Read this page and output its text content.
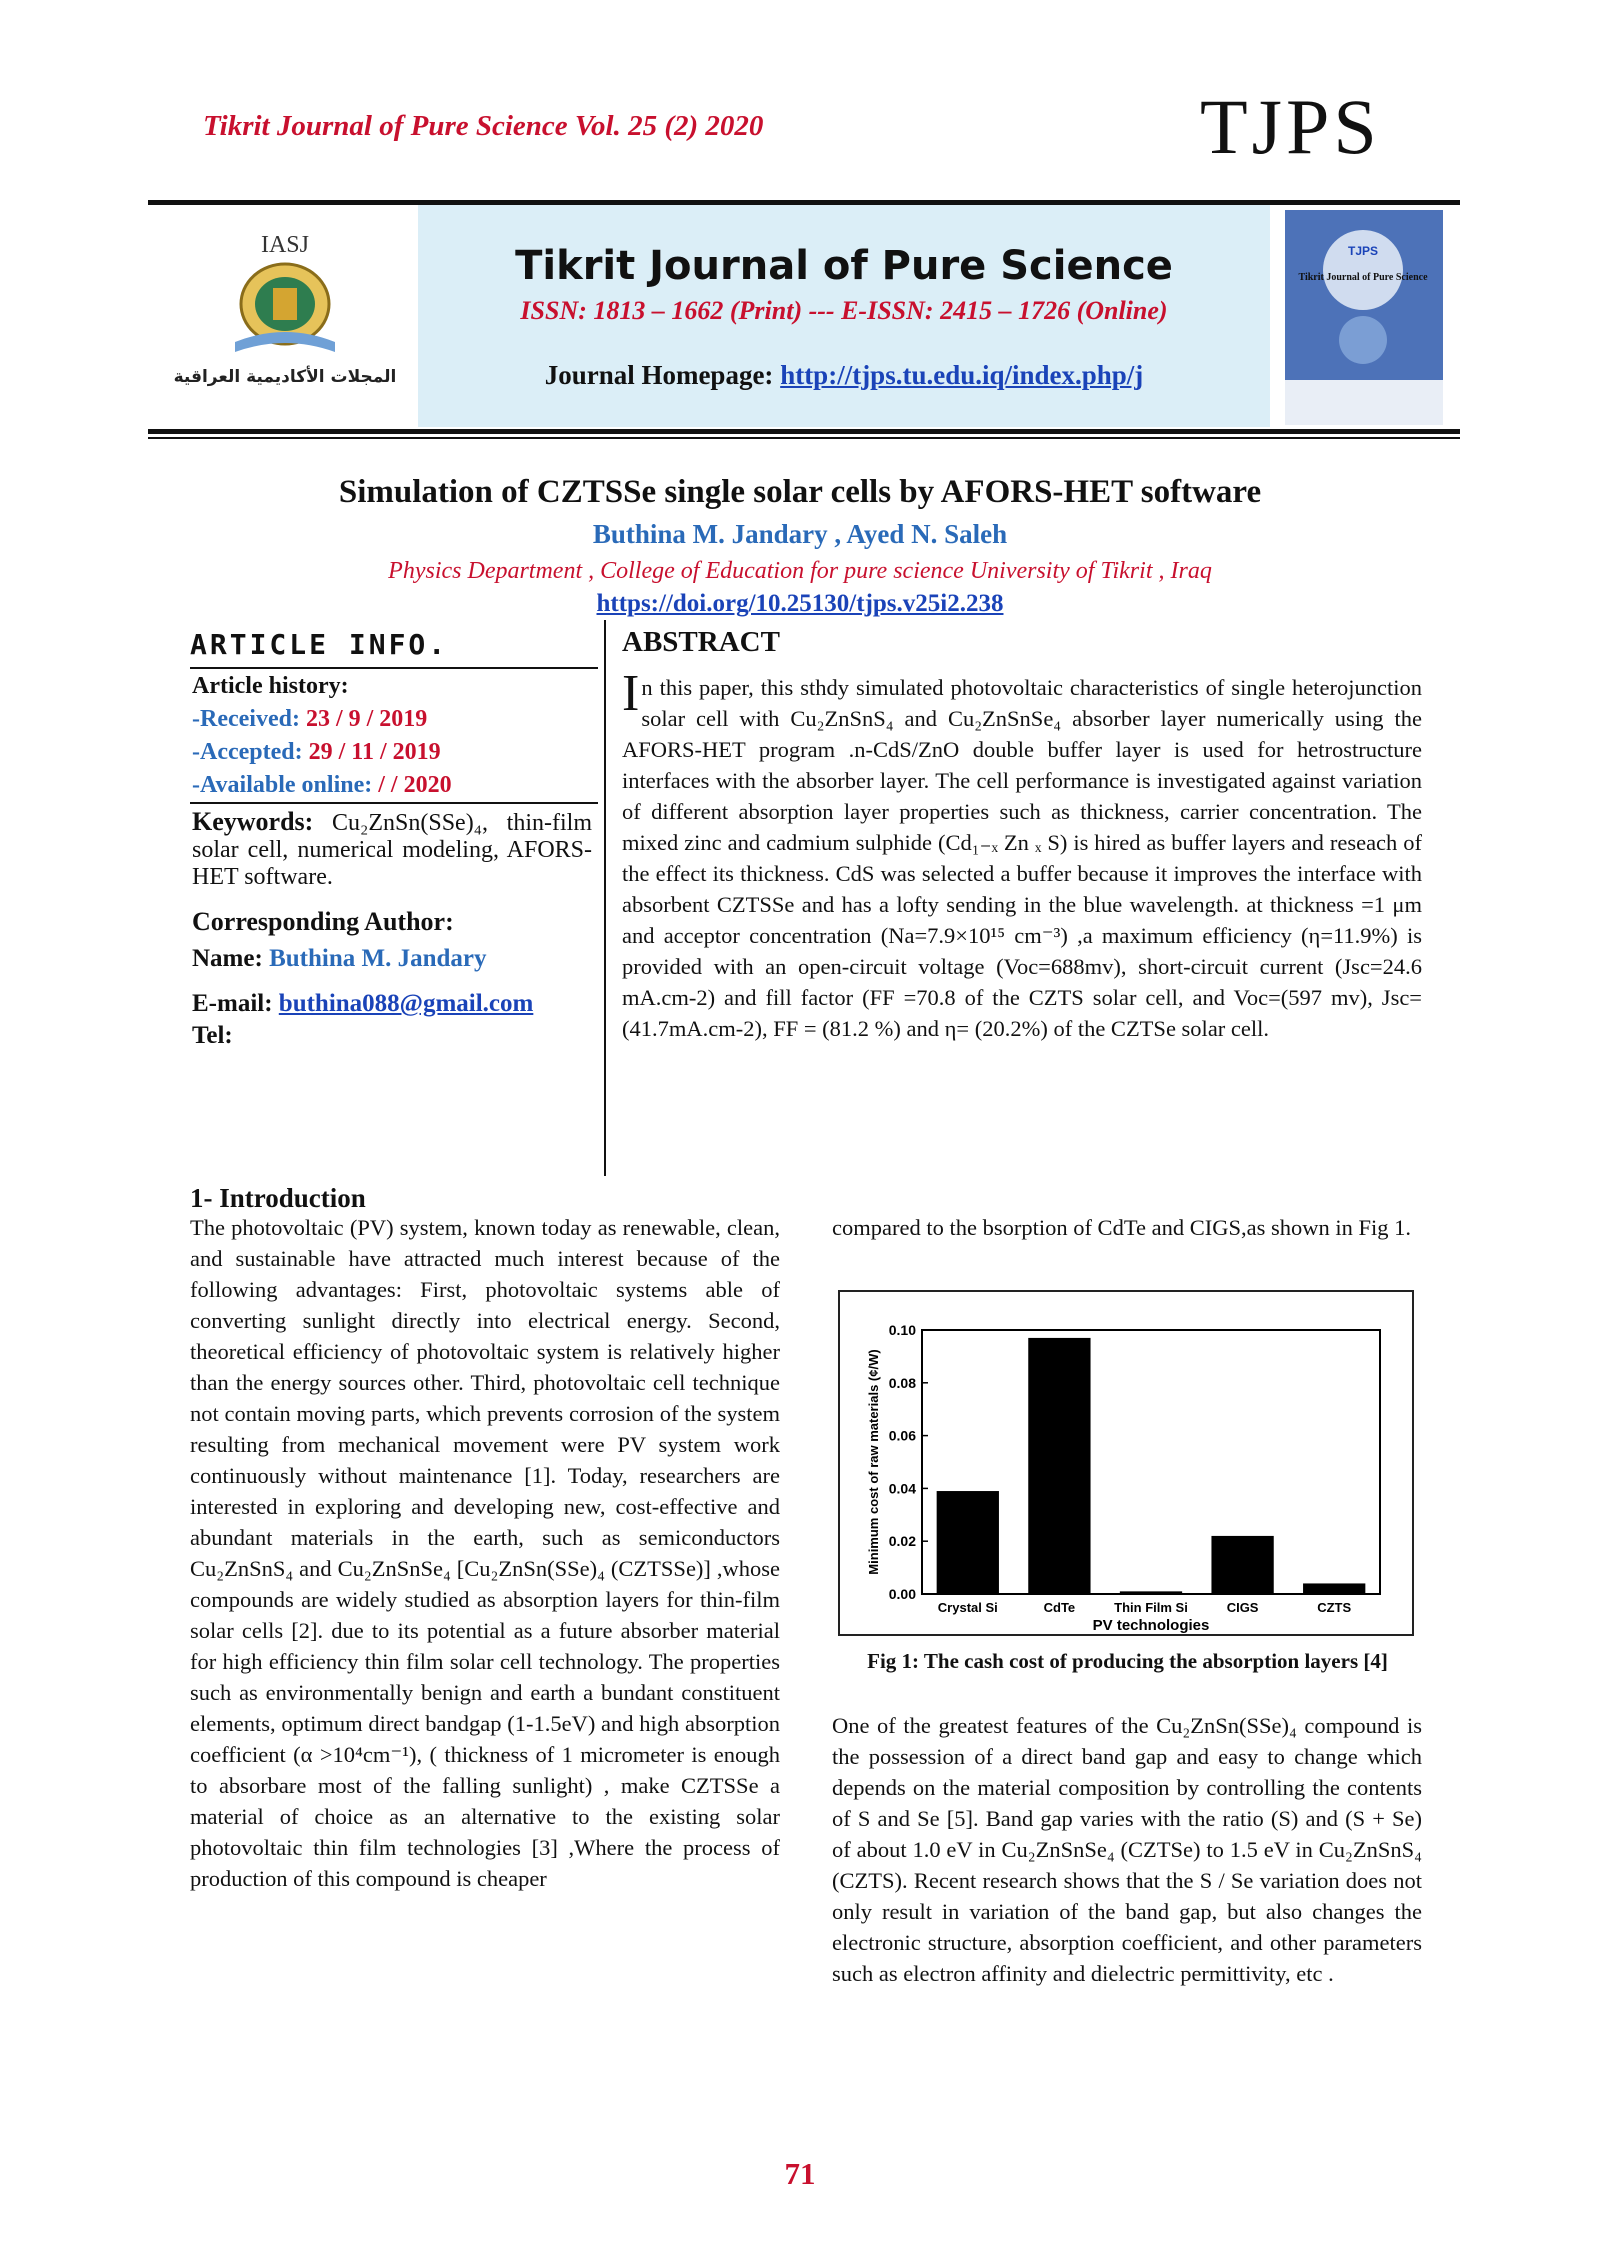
Tikrit Journal of Pure Science Vol. 25 (2) 2020	TJPS
IASJ
المجلات الأكاديمية العراقية
Tikrit Journal of Pure Science
ISSN: 1813 – 1662 (Print) --- E-ISSN: 2415 – 1726 (Online)
Journal Homepage: http://tjps.tu.edu.iq/index.php/j
TJPS
Tikrit Journal of Pure Science
Simulation of CZTSSe single solar cells by AFORS-HET software
Buthina M. Jandary , Ayed N. Saleh
Physics Department , College of Education for pure science University of Tikrit , Iraq
https://doi.org/10.25130/tjps.v25i2.238
ARTICLE INFO.
Article history:
-Received: 23 / 9 / 2019
-Accepted: 29 / 11 / 2019
-Available online: / / 2020
Keywords: Cu₂ZnSn(SSe)₄, thin-film solar cell, numerical modeling, AFORS-HET software.
Corresponding Author:
Name: Buthina M. Jandary
E-mail: buthina088@gmail.com
Tel:
ABSTRACT
In this paper, this sthdy simulated photovoltaic characteristics of single heterojunction solar cell with Cu₂ZnSnS₄ and Cu₂ZnSnSe₄ absorber layer numerically using the AFORS-HET program .n-CdS/ZnO double buffer layer is used for hetrostructure interfaces with the absorber layer. The cell performance is investigated against variation of different absorption layer properties such as thickness, carrier concentration. The mixed zinc and cadmium sulphide (Cd₁₋ₓ Zn ₓ S) is hired as buffer layers and reseach of the effect its thickness. CdS was selected a buffer because it improves the interface with absorbent CZTSSe and has a lofty sending in the blue wavelength. at thickness =1 μm and acceptor concentration (Na=7.9×10¹⁵ cm⁻³) ,a maximum efficiency (η=11.9%) is provided with an open-circuit voltage (Voc=688mv), short-circuit current (Jsc=24.6 mA.cm-2) and fill factor (FF =70.8 of the CZTS solar cell, and Voc=(597 mv), Jsc= (41.7mA.cm-2), FF = (81.2 %) and η= (20.2%) of the CZTSe solar cell.
1- Introduction
The photovoltaic (PV) system, known today as renewable, clean, and sustainable have attracted much interest because of the following advantages: First, photovoltaic systems able of converting sunlight directly into electrical energy. Second, theoretical efficiency of photovoltaic system is relatively higher than the energy sources other. Third, photovoltaic cell technique not contain moving parts, which prevents corrosion of the system resulting from mechanical movement were PV system work continuously without maintenance [1]. Today, researchers are interested in exploring and developing new, cost-effective and abundant materials in the earth, such as semiconductors Cu₂ZnSnS₄ and Cu₂ZnSnSe₄ [Cu₂ZnSn(SSe)₄ (CZTSSe)] ,whose compounds are widely studied as absorption layers for thin-film solar cells [2]. due to its potential as a future absorber material for high efficiency thin film solar cell technology. The properties such as environmentally benign and earth a bundant constituent elements, optimum direct bandgap (1-1.5eV) and high absorption coefficient (α >10⁴cm⁻¹), ( thickness of 1 micrometer is enough to absorbare most of the falling sunlight) , make CZTSSe a material of choice as an alternative to the existing solar photovoltaic thin film technologies [3] ,Where the process of production of this compound is cheaper
compared to the bsorption of CdTe and CIGS,as shown in Fig 1.
0.00
0.02
0.04
0.06
0.08
0.10
Crystal Si	CdTe	Thin Film Si	CIGS	CZTS
PV technologies
Minimum cost of raw materials (¢/W)
Fig 1: The cash cost of producing the absorption layers [4]
One of the greatest features of the Cu₂ZnSn(SSe)₄ compound is the possession of a direct band gap and easy to change which depends on the material composition by controlling the contents of S and Se [5]. Band gap varies with the ratio (S) and (S + Se) of about 1.0 eV in Cu₂ZnSnSe₄ (CZTSe) to 1.5 eV in Cu₂ZnSnS₄ (CZTS). Recent research shows that the S / Se variation does not only result in variation of the band gap, but also changes the electronic structure, absorption coefficient, and other parameters such as electron affinity and dielectric permittivity, etc .
71
